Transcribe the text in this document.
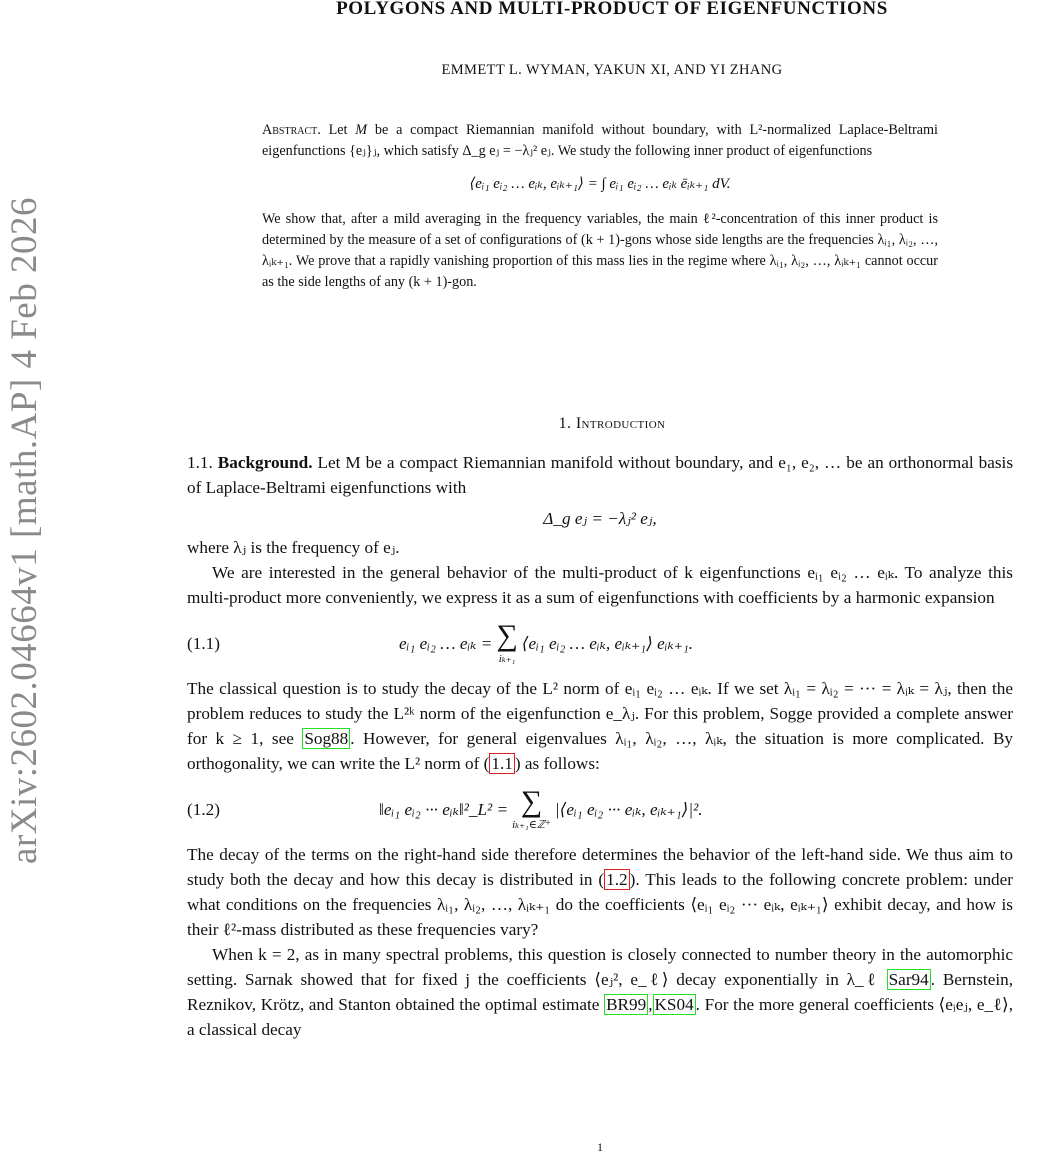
arXiv:2602.04664v1 [math.AP] 4 Feb 2026
POLYGONS AND MULTI-PRODUCT OF EIGENFUNCTIONS
EMMETT L. WYMAN, YAKUN XI, AND YI ZHANG

Abstract. Let M be a compact Riemannian manifold without boundary, with L²-normalized Laplace-Beltrami eigenfunctions {eⱼ}ⱼ, which satisfy Δ_g eⱼ = −λⱼ² eⱼ. We study the following inner product of eigenfunctions

⟨eᵢ₁ eᵢ₂ … eᵢₖ, eᵢₖ₊₁⟩ = ∫ eᵢ₁ eᵢ₂ … eᵢₖ ēᵢₖ₊₁ dV.

We show that, after a mild averaging in the frequency variables, the main ℓ²-concentration of this inner product is determined by the measure of a set of configurations of (k + 1)-gons whose side lengths are the frequencies λᵢ₁, λᵢ₂, …, λᵢₖ₊₁. We prove that a rapidly vanishing proportion of this mass lies in the regime where λᵢ₁, λᵢ₂, …, λᵢₖ₊₁ cannot occur as the side lengths of any (k + 1)-gon.

1. Introduction

1.1. Background. Let M be a compact Riemannian manifold without boundary, and e₁, e₂, … be an orthonormal basis of Laplace-Beltrami eigenfunctions with

Δ_g eⱼ = −λⱼ² eⱼ,

where λⱼ is the frequency of eⱼ.

We are interested in the general behavior of the multi-product of k eigenfunctions eᵢ₁ eᵢ₂ … eᵢₖ. To analyze this multi-product more conveniently, we express it as a sum of eigenfunctions with coefficients by a harmonic expansion

(1.1)	eᵢ₁ eᵢ₂ … eᵢₖ = ∑
iₖ₊₁
⟨eᵢ₁ eᵢ₂ … eᵢₖ, eᵢₖ₊₁⟩ eᵢₖ₊₁.

The classical question is to study the decay of the L² norm of eᵢ₁ eᵢ₂ … eᵢₖ. If we set λᵢ₁ = λᵢ₂ = ··· = λᵢₖ = λⱼ, then the problem reduces to study the L²ᵏ norm of the eigenfunction e_λⱼ. For this problem, Sogge provided a complete answer for k ≥ 1, see Sog88 . However, for general eigenvalues λᵢ₁, λᵢ₂, …, λᵢₖ, the situation is more complicated. By orthogonality, we can write the L² norm of ( 1.1 ) as follows:

(1.2)	‖eᵢ₁ eᵢ₂ ··· eᵢₖ‖²_L² = ∑
iₖ₊₁∈ℤ⁺
|⟨eᵢ₁ eᵢ₂ ··· eᵢₖ, eᵢₖ₊₁⟩|².

The decay of the terms on the right-hand side therefore determines the behavior of the left-hand side. We thus aim to study both the decay and how this decay is distributed in ( 1.2 ). This leads to the following concrete problem: under what conditions on the frequencies λᵢ₁, λᵢ₂, …, λᵢₖ₊₁ do the coefficients ⟨eᵢ₁ eᵢ₂ ··· eᵢₖ, eᵢₖ₊₁⟩ exhibit decay, and how is their ℓ²-mass distributed as these frequencies vary?

When k = 2, as in many spectral problems, this question is closely connected to number theory in the automorphic setting. Sarnak showed that for fixed j the coefficients ⟨eⱼ², e_ℓ⟩ decay exponentially in λ_ℓ Sar94 . Bernstein, Reznikov, Krötz, and Stanton obtained the optimal estimate BR99 , KS04 . For the more general coefficients ⟨eᵢeⱼ, e_ℓ⟩, a classical decay

1
